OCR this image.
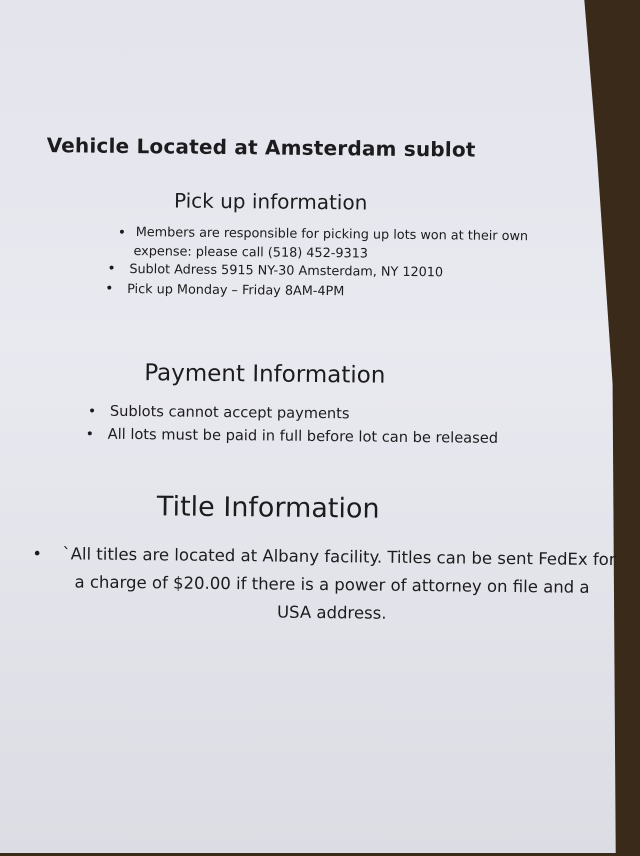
Vehicle Located at Amsterdam sublot
Pick up information
• Members are responsible for picking up lots won at their own
expense: please call (518) 452-9313
• Sublot Adress 5915 NY-30 Amsterdam, NY 12010
• Pick up Monday – Friday 8AM-4PM
Payment Information
• Sublots cannot accept payments
• All lots must be paid in full before lot can be released
Title Information
• `All titles are located at Albany facility. Titles can be sent FedEx for
a charge of $20.00 if there is a power of attorney on file and a
USA address.
